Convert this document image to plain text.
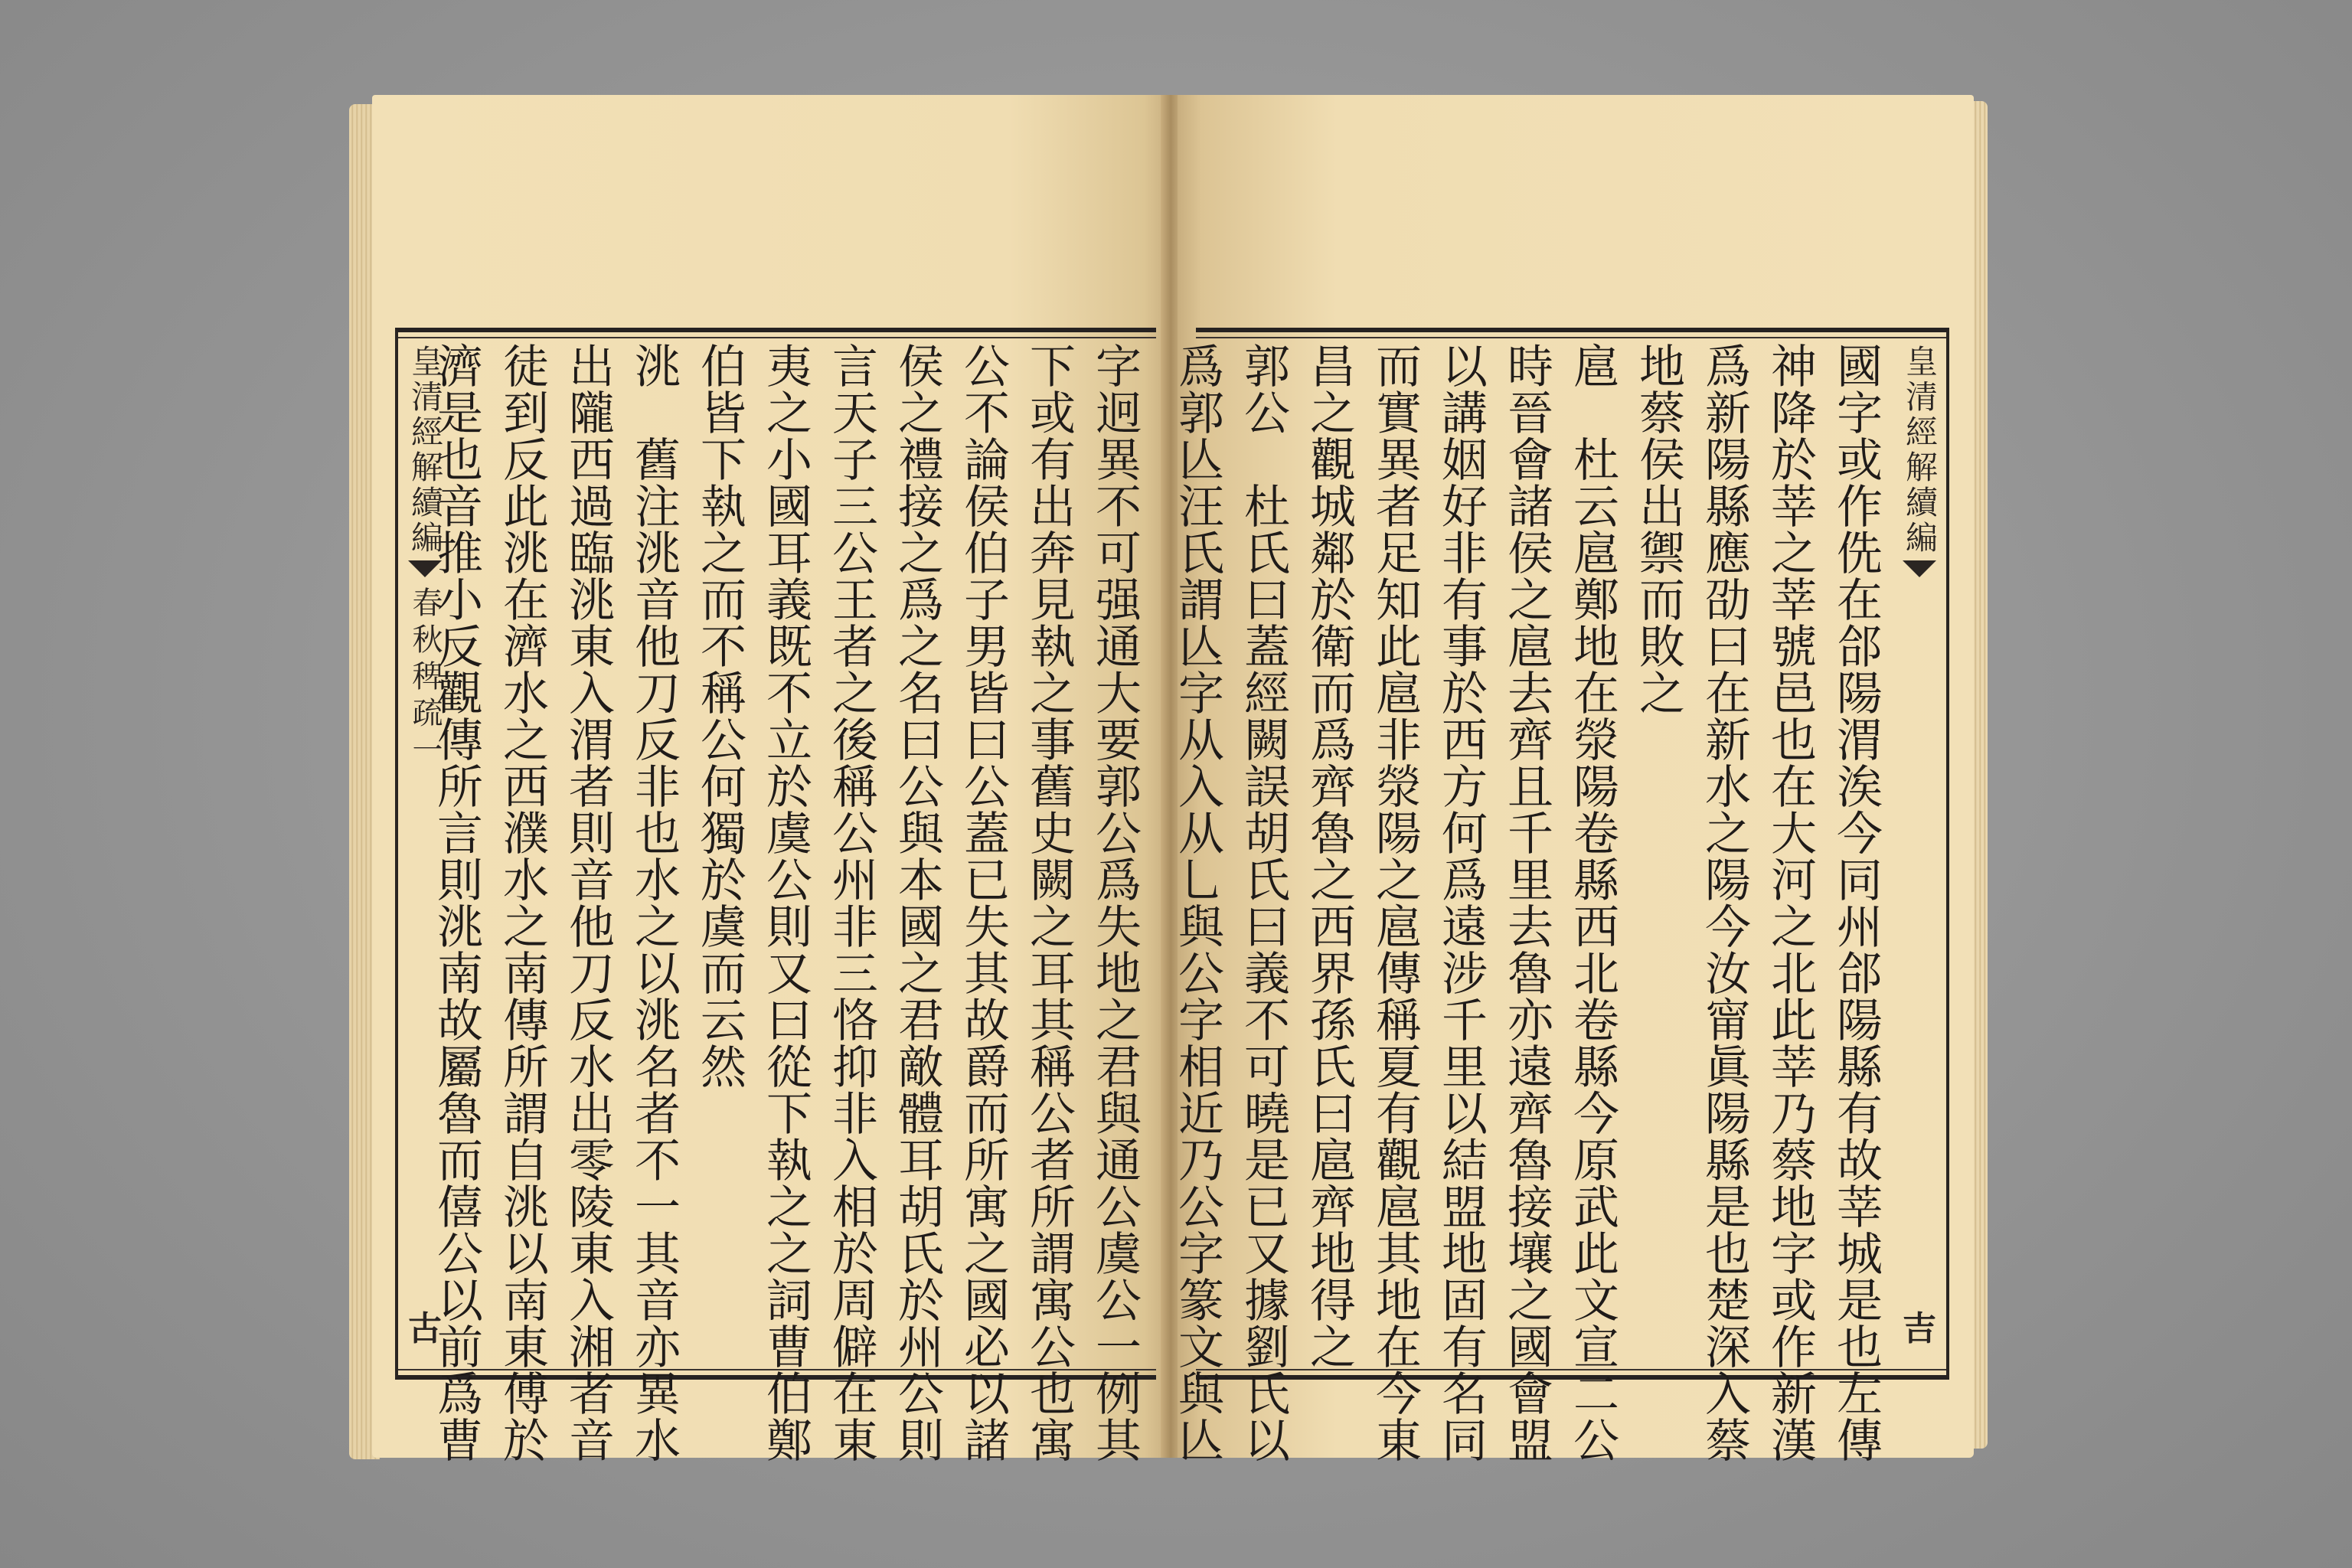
皇清經解續編
春秋稗疏一
古
字
迥
異
不
可
强
通
大
要
郭
公
爲
失
地
之
君
與
通
公
虞
公
一
例
其
下
或
有
出
奔
見
執
之
事
舊
史
闕
之
耳
其
稱
公
者
所
謂
寓
公
也
寓
公
不
論
侯
伯
子
男
皆
曰
公
蓋
已
失
其
故
爵
而
所
寓
之
國
必
以
諸
侯
之
禮
接
之
爲
之
名
曰
公
與
本
國
之
君
敵
體
耳
胡
氏
於
州
公
則
言
天
子
三
公
王
者
之
後
稱
公
州
非
三
恪
抑
非
入
相
於
周
僻
在
東
夷
之
小
國
耳
義
既
不
立
於
虞
公
則
又
曰
從
下
執
之
之
詞
曹
伯
鄭
伯
皆
下
執
之
而
不
稱
公
何
獨
於
虞
而
云
然
洮

舊
注
洮
音
他
刀
反
非
也
水
之
以
洮
名
者
不
一
其
音
亦
異
水
出
隴
西
過
臨
洮
東
入
渭
者
則
音
他
刀
反
水
出
零
陵
東
入
湘
者
音
徒
到
反
此
洮
在
濟
水
之
西
濮
水
之
南
傳
所
謂
自
洮
以
南
東
傅
於
濟
是
也
音
推
小
反
觀
傳
所
言
則
洮
南
故
屬
魯
而
僖
公
以
前
爲
曹
皇清經解續編
吉
國
字
或
作
侁
在
郃
陽
渭
涘
今
同
州
郃
陽
縣
有
故
莘
城
是
也
左
傳
神
降
於
莘
之
莘
號
邑
也
在
大
河
之
北
此
莘
乃
蔡
地
字
或
作
新
漢
爲
新
陽
縣
應
劭
曰
在
新
水
之
陽
今
汝
甯
眞
陽
縣
是
也
楚
深
入
蔡
地
蔡
侯
出
禦
而
敗
之
扈

杜
云
扈
鄭
地
在
滎
陽
卷
縣
西
北
卷
縣
今
原
武
此
文
宣
二
公
時
晉
會
諸
侯
之
扈
去
齊
且
千
里
去
魯
亦
遠
齊
魯
接
壤
之
國
會
盟
以
講
姻
好
非
有
事
於
西
方
何
爲
遠
涉
千
里
以
結
盟
地
固
有
名
同
而
實
異
者
足
知
此
扈
非
滎
陽
之
扈
傳
稱
夏
有
觀
扈
其
地
在
今
東
昌
之
觀
城
鄰
於
衛
而
爲
齊
魯
之
西
界
孫
氏
曰
扈
齊
地
得
之
郭
公

杜
氏
曰
蓋
經
闕
誤
胡
氏
曰
義
不
可
曉
是
已
又
據
劉
氏
以
爲
郭
亾
汪
氏
謂
亾
字
从
入
从
乚
與
公
字
相
近
乃
公
字
篆
文
與
亾
